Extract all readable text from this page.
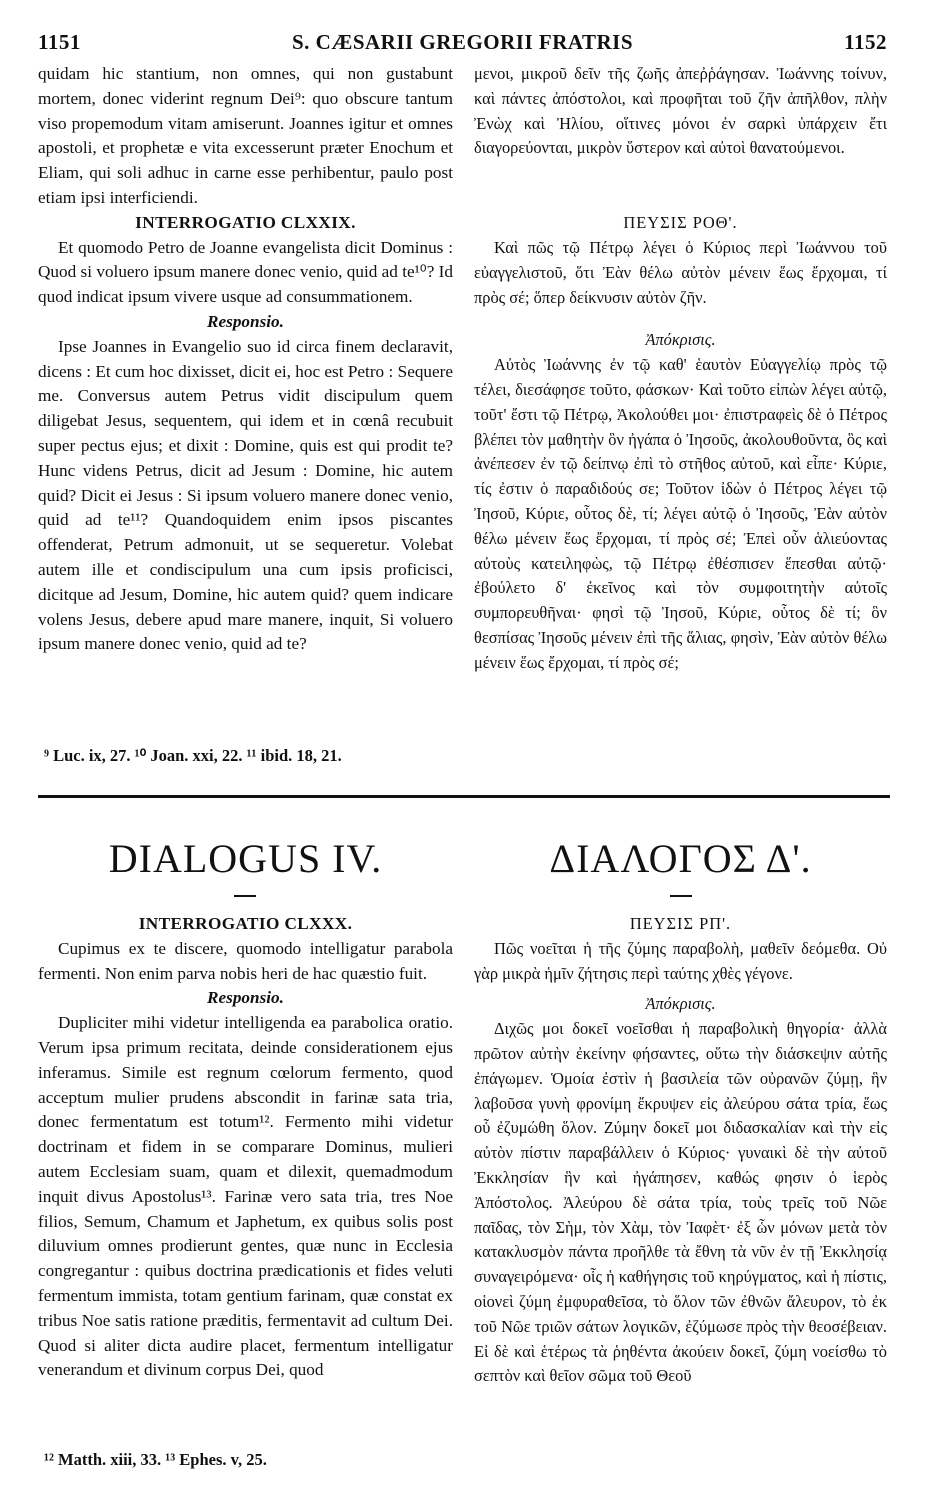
1151	S. CÆSARII GREGORII FRATRIS	1152

quidam hic stantium, non omnes, qui non gustabunt mortem, donec viderint regnum Dei⁹: quo obscure tantum viso propemodum vitam amiserunt. Joannes igitur et omnes apostoli, et prophetæ e vita excesserunt præter Enochum et Eliam, qui soli adhuc in carne esse perhibentur, paulo post etiam ipsi interficiendi.

INTERROGATIO CLXXIX.

Et quomodo Petro de Joanne evangelista dicit Dominus : Quod si voluero ipsum manere donec venio, quid ad te¹⁰? Id quod indicat ipsum vivere usque ad consummationem.

Responsio.

Ipse Joannes in Evangelio suo id circa finem declaravit, dicens : Et cum hoc dixisset, dicit ei, hoc est Petro : Sequere me. Conversus autem Petrus vidit discipulum quem diligebat Jesus, sequentem, qui idem et in cœnâ recubuit super pectus ejus; et dixit : Domine, quis est qui prodit te? Hunc videns Petrus, dicit ad Jesum : Domine, hic autem quid? Dicit ei Jesus : Si ipsum voluero manere donec venio, quid ad te¹¹? Quandoquidem enim ipsos piscantes offenderat, Petrum admonuit, ut se sequeretur. Volebat autem ille et condiscipulum una cum ipsis proficisci, dicitque ad Jesum, Domine, hic autem quid? quem indicare volens Jesus, debere apud mare manere, inquit, Si voluero ipsum manere donec venio, quid ad te?

⁹ Luc. ix, 27. ¹⁰ Joan. xxi, 22. ¹¹ ibid. 18, 21.

μενοι, μικροῦ δεῖν τῆς ζωῆς ἀπεῤῥάγησαν. Ἰωάννης τοίνυν, καὶ πάντες ἀπόστολοι, καὶ προφῆται τοῦ ζῆν ἀπῆλθον, πλὴν Ἐνὼχ καὶ Ἠλίου, οἵτινες μόνοι ἐν σαρκὶ ὑπάρχειν ἔτι διαγορεύονται, μικρὸν ὕστερον καὶ αὐτοὶ θανατούμενοι.

ΠΕΥΣΙΣ ΡΟΘ'.

Καὶ πῶς τῷ Πέτρῳ λέγει ὁ Κύριος περὶ Ἰωάννου τοῦ εὐαγγελιστοῦ, ὅτι Ἐὰν θέλω αὐτὸν μένειν ἕως ἔρχομαι, τί πρὸς σέ; ὅπερ δείκνυσιν αὐτὸν ζῆν.

Ἀπόκρισις.

Αὐτὸς Ἰωάννης ἐν τῷ καθ' ἑαυτὸν Εὐαγγελίῳ πρὸς τῷ τέλει, διεσάφησε τοῦτο, φάσκων· Καὶ τοῦτο εἰπὼν λέγει αὐτῷ, τοῦτ' ἔστι τῷ Πέτρῳ, Ἀκολούθει μοι· ἐπιστραφεὶς δὲ ὁ Πέτρος βλέπει τὸν μαθητὴν ὃν ἠγάπα ὁ Ἰησοῦς, ἀκολουθοῦντα, ὃς καὶ ἀνέπεσεν ἐν τῷ δείπνῳ ἐπὶ τὸ στῆθος αὐτοῦ, καὶ εἶπε· Κύριε, τίς ἐστιν ὁ παραδιδούς σε; Τοῦτον ἰδὼν ὁ Πέτρος λέγει τῷ Ἰησοῦ, Κύριε, οὗτος δὲ, τί; λέγει αὐτῷ ὁ Ἰησοῦς, Ἐὰν αὐτὸν θέλω μένειν ἕως ἔρχομαι, τί πρὸς σέ; Ἐπεὶ οὖν ἁλιεύοντας αὐτοὺς κατειληφὼς, τῷ Πέτρῳ ἐθέσπισεν ἕπεσθαι αὐτῷ· ἐβούλετο δ' ἐκεῖνος καὶ τὸν συμφοιτητὴν αὐτοῖς συμπορευθῆναι· φησὶ τῷ Ἰησοῦ, Κύριε, οὗτος δὲ τί; ὃν θεσπίσας Ἰησοῦς μένειν ἐπὶ τῆς ἅλιας, φησὶν, Ἐὰν αὐτὸν θέλω μένειν ἕως ἔρχομαι, τί πρὸς σέ;

DIALOGUS IV.	ΔΙΑΛΟΓΟΣ Δ'.

INTERROGATIO CLXXX.

Cupimus ex te discere, quomodo intelligatur parabola fermenti. Non enim parva nobis heri de hac quæstio fuit.

Responsio.

Dupliciter mihi videtur intelligenda ea parabolica oratio. Verum ipsa primum recitata, deinde considerationem ejus inferamus. Simile est regnum cœlorum fermento, quod acceptum mulier prudens abscondit in farinæ sata tria, donec fermentatum est totum¹². Fermento mihi videtur doctrinam et fidem in se comparare Dominus, mulieri autem Ecclesiam suam, quam et dilexit, quemadmodum inquit divus Apostolus¹³. Farinæ vero sata tria, tres Noe filios, Semum, Chamum et Japhetum, ex quibus solis post diluvium omnes prodierunt gentes, quæ nunc in Ecclesia congregantur : quibus doctrina prædicationis et fides veluti fermentum immista, totam gentium farinam, quæ constat ex tribus Noe satis ratione præditis, fermentavit ad cultum Dei. Quod si aliter dicta audire placet, fermentum intelligatur venerandum et divinum corpus Dei, quod

¹² Matth. xiii, 33. ¹³ Ephes. v, 25.

ΠΕΥΣΙΣ ΡΠ'.

Πῶς νοεῖται ἡ τῆς ζύμης παραβολὴ, μαθεῖν δεόμεθα. Οὐ γὰρ μικρὰ ἡμῖν ζήτησις περὶ ταύτης χθὲς γέγονε.

Ἀπόκρισις.

Διχῶς μοι δοκεῖ νοεῖσθαι ἡ παραβολικὴ θηγορία· ἀλλὰ πρῶτον αὐτὴν ἐκείνην φήσαντες, οὕτω τὴν διάσκεψιν αὐτῆς ἐπάγωμεν. Ὁμοία ἐστὶν ἡ βασιλεία τῶν οὐρανῶν ζύμῃ, ἣν λαβοῦσα γυνὴ φρονίμη ἔκρυψεν εἰς ἀλεύρου σάτα τρία, ἕως οὗ ἐζυμώθη ὅλον. Ζύμην δοκεῖ μοι διδασκαλίαν καὶ τὴν εἰς αὐτὸν πίστιν παραβάλλειν ὁ Κύριος· γυναικὶ δὲ τὴν αὐτοῦ Ἐκκλησίαν ἣν καὶ ἠγάπησεν, καθώς φησιν ὁ ἱερὸς Ἀπόστολος. Ἀλεύρου δὲ σάτα τρία, τοὺς τρεῖς τοῦ Νῶε παῖδας, τὸν Σὴμ, τὸν Χὰμ, τὸν Ἰαφὲτ· ἐξ ὧν μόνων μετὰ τὸν κατακλυσμὸν πάντα προῆλθε τὰ ἔθνη τὰ νῦν ἐν τῇ Ἐκκλησίᾳ συναγειρόμενα· οἷς ἡ καθήγησις τοῦ κηρύγματος, καὶ ἡ πίστις, οἱονεὶ ζύμη ἐμφυραθεῖσα, τὸ ὅλον τῶν ἐθνῶν ἄλευρον, τὸ ἐκ τοῦ Νῶε τριῶν σάτων λογικῶν, ἐζύμωσε πρὸς τὴν θεοσέβειαν. Εἰ δὲ καὶ ἑτέρως τὰ ῥηθέντα ἀκούειν δοκεῖ, ζύμη νοείσθω τὸ σεπτὸν καὶ θεῖον σῶμα τοῦ Θεοῦ
